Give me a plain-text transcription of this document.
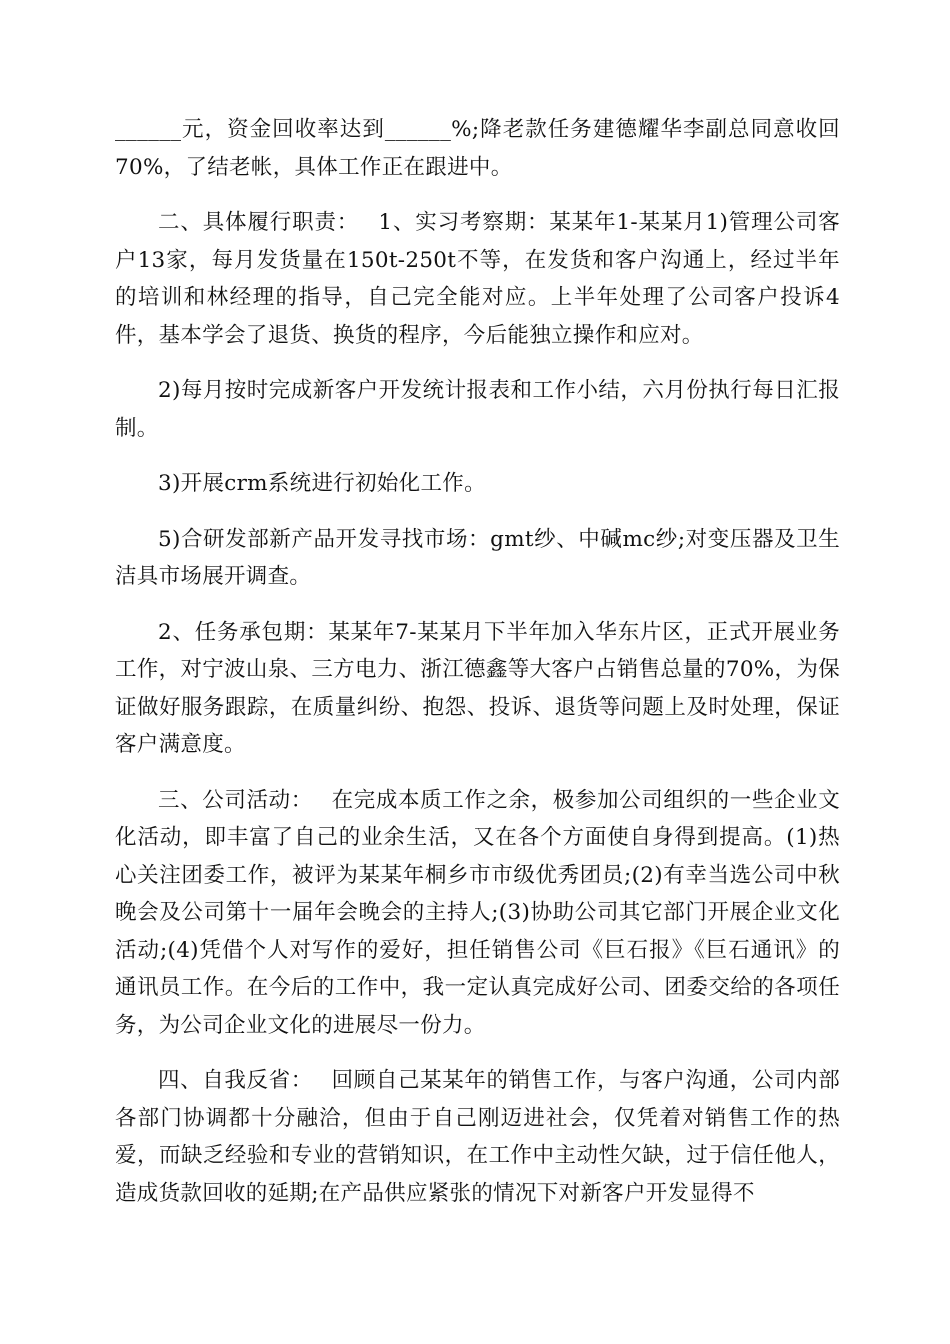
______元，资金回收率达到______%;降老款任务建德耀华李副总同意收回70%，了结老帐，具体工作正在跟进中。

二、具体履行职责：　 1、实习考察期：某某年1-某某月1)管理公司客户13家，每月发货量在150t-250t不等，在发货和客户沟通上，经过半年的培训和林经理的指导，自己完全能对应。上半年处理了公司客户投诉4件，基本学会了退货、换货的程序，今后能独立操作和应对。

2)每月按时完成新客户开发统计报表和工作小结，六月份执行每日汇报制。

3)开展crm系统进行初始化工作。

5)合研发部新产品开发寻找市场：gmt纱、中碱mc纱;对变压器及卫生洁具市场展开调查。

2、任务承包期：某某年7-某某月下半年加入华东片区，正式开展业务工作，对宁波山泉、三方电力、浙江德鑫等大客户占销售总量的70%，为保证做好服务跟踪，在质量纠纷、抱怨、投诉、退货等问题上及时处理，保证客户满意度。

三、公司活动：　 在完成本质工作之余，极参加公司组织的一些企业文化活动，即丰富了自己的业余生活，又在各个方面使自身得到提高。(1)热心关注团委工作，被评为某某年桐乡市市级优秀团员;(2)有幸当选公司中秋晚会及公司第十一届年会晚会的主持人;(3)协助公司其它部门开展企业文化活动;(4)凭借个人对写作的爱好，担任销售公司《巨石报》《巨石通讯》的通讯员工作。在今后的工作中，我一定认真完成好公司、团委交给的各项任务，为公司企业文化的进展尽一份力。

四、自我反省：　 回顾自己某某年的销售工作，与客户沟通，公司内部各部门协调都十分融洽，但由于自己刚迈进社会，仅凭着对销售工作的热爱，而缺乏经验和专业的营销知识，在工作中主动性欠缺，过于信任他人，造成货款回收的延期;在产品供应紧张的情况下对新客户开发显得不
